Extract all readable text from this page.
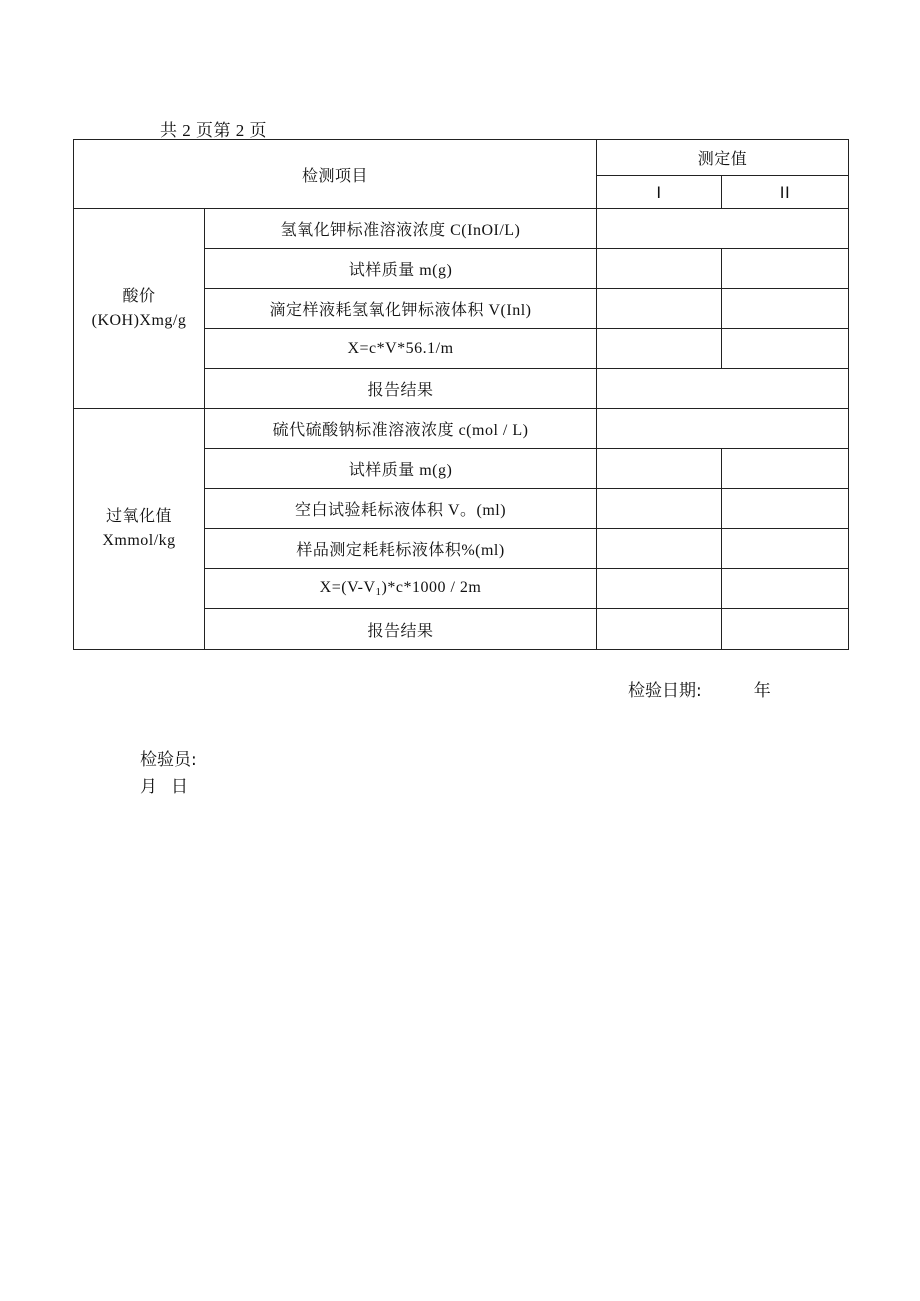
共 2 页第 2 页
检测项目		测定值	
		I	II

酸价
(KOH)Xmg/g	氢氧化钾标准溶液浓度 C(InOI/L)		
	试样质量 m(g)		
	滴定样液耗氢氧化钾标液体积 V(Inl)		
	X=c*V*56.1/m		
	报告结果		

过氧化值
Xmmol/kg	硫代硫酸钠标准溶液浓度 c(mol / L)		
	试样质量 m(g)		
	空白试验耗标液体积 V。(ml)		
	样品测定耗耗标液体积%(ml)		
	$X=(V-V_1)*c*1000 / 2m$		
	报告结果		
检验日期:	年
检验员:
月 日
